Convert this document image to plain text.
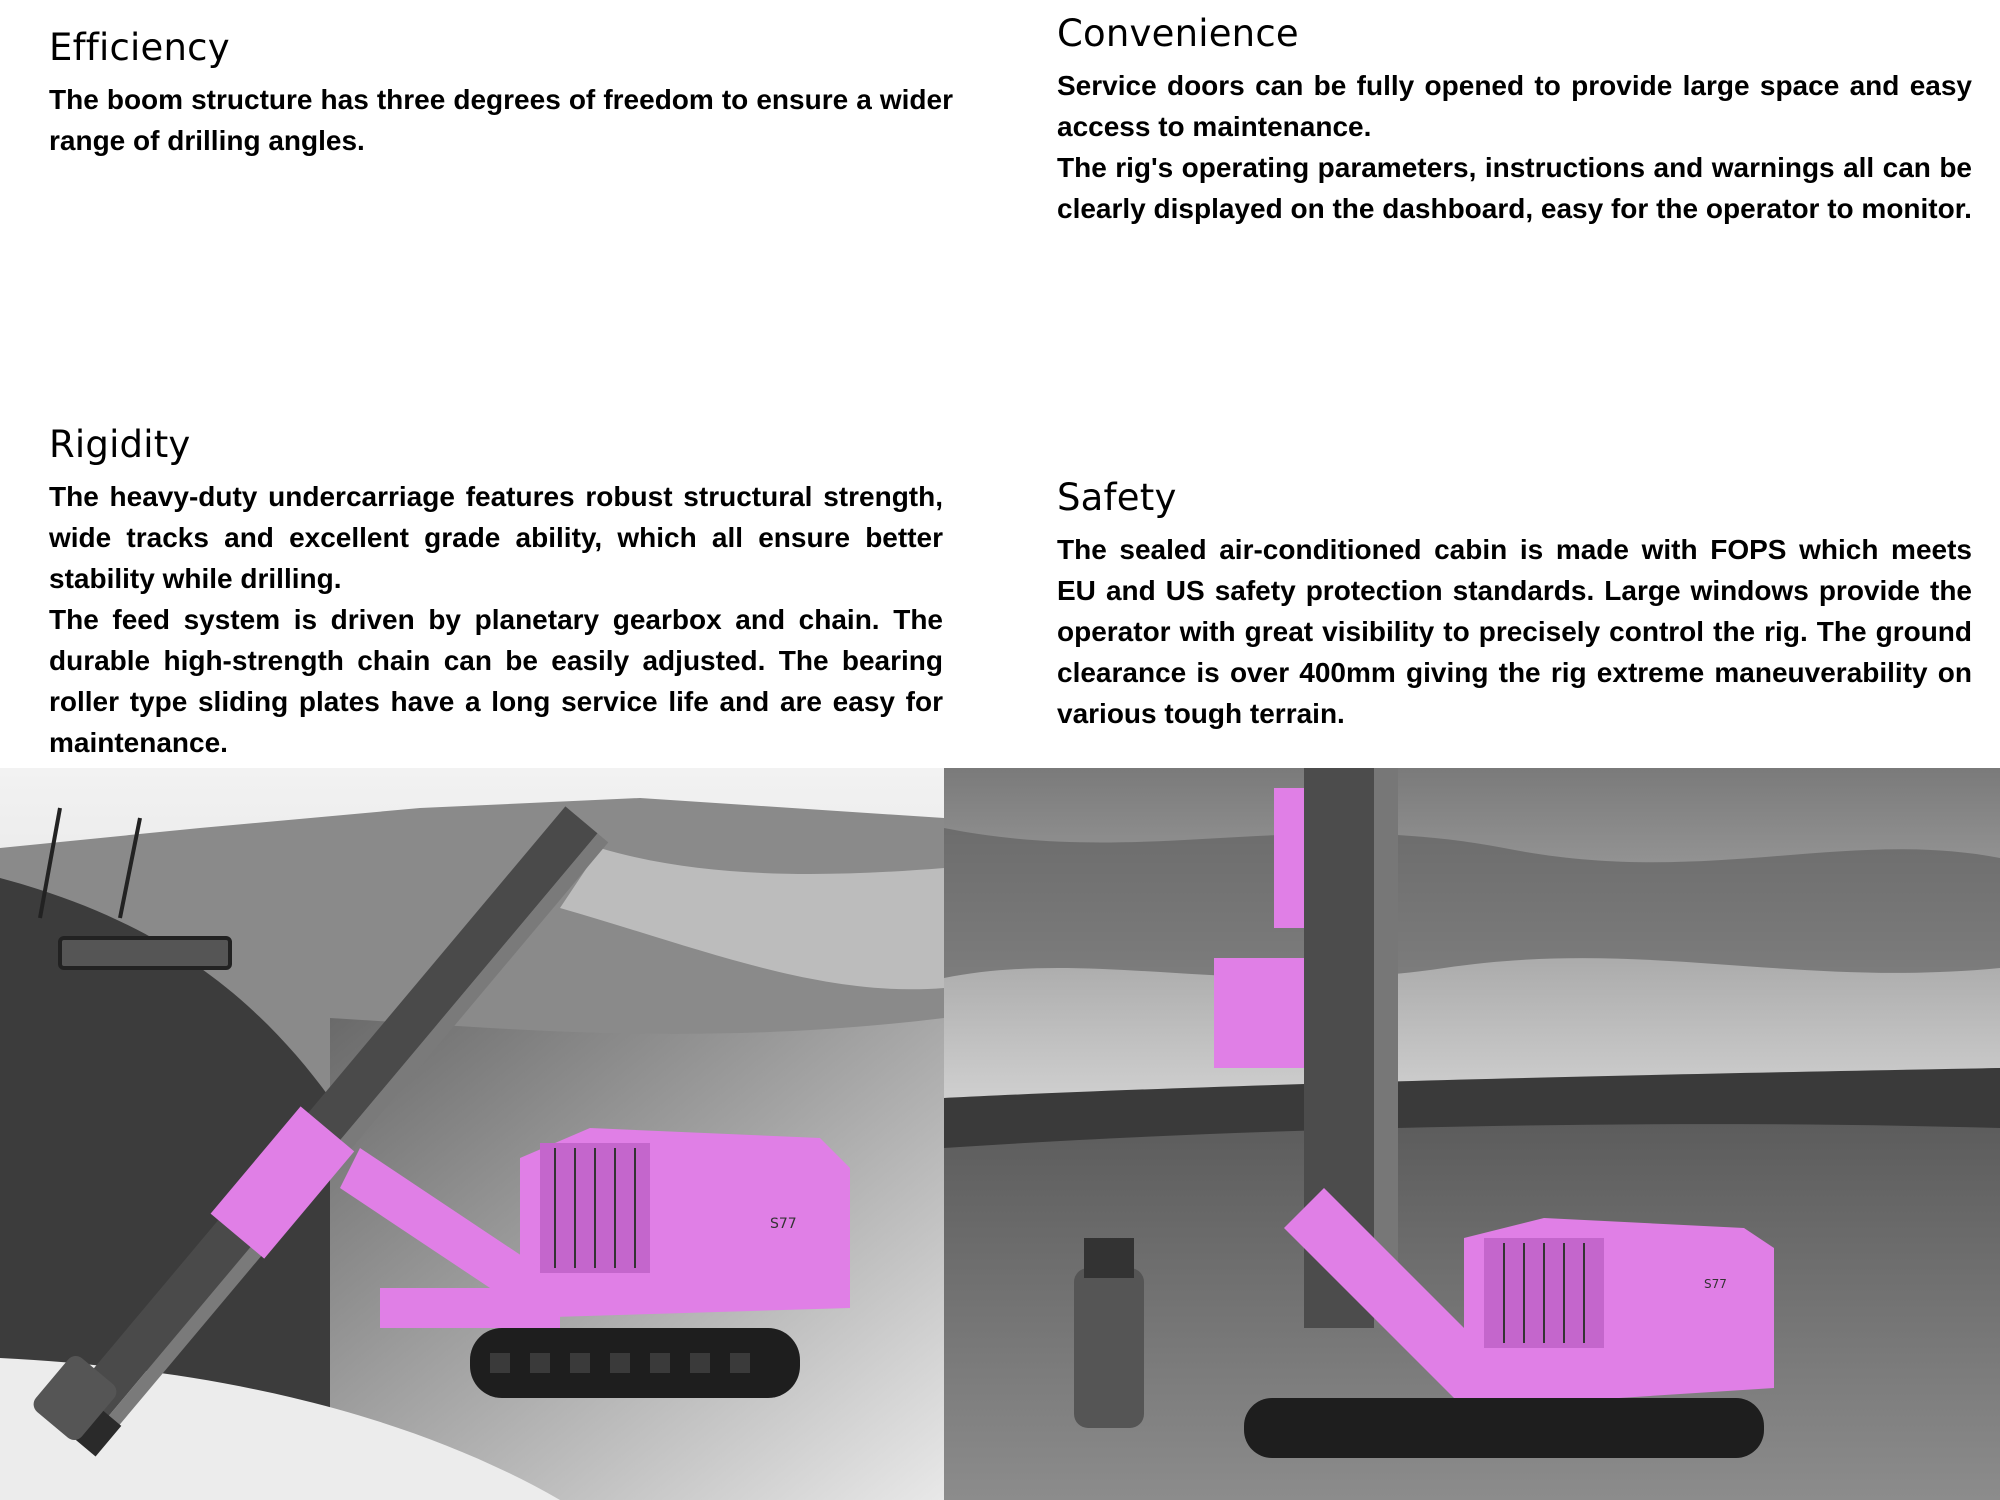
Efficiency

The boom structure has three degrees of freedom to ensure a wider range of drilling angles.

Convenience

Service doors can be fully opened to provide large space and easy access to maintenance.

The rig's operating parameters, instructions and warnings all can be clearly displayed on the dashboard, easy for the operator to monitor.

Rigidity

The heavy-duty undercarriage features robust structural strength, wide tracks and excellent grade ability, which all ensure better stability while drilling.

The feed system is driven by planetary gearbox and chain. The durable high-strength chain can be easily adjusted. The bearing roller type sliding plates have a long service life and are easy for maintenance.

Safety

The sealed air-conditioned cabin is made with FOPS which meets EU and US safety protection standards. Large windows provide the operator with great visibility to precisely control the rig. The ground clearance is over 400mm giving the rig extreme maneuverability on various tough terrain.

S77
S77
